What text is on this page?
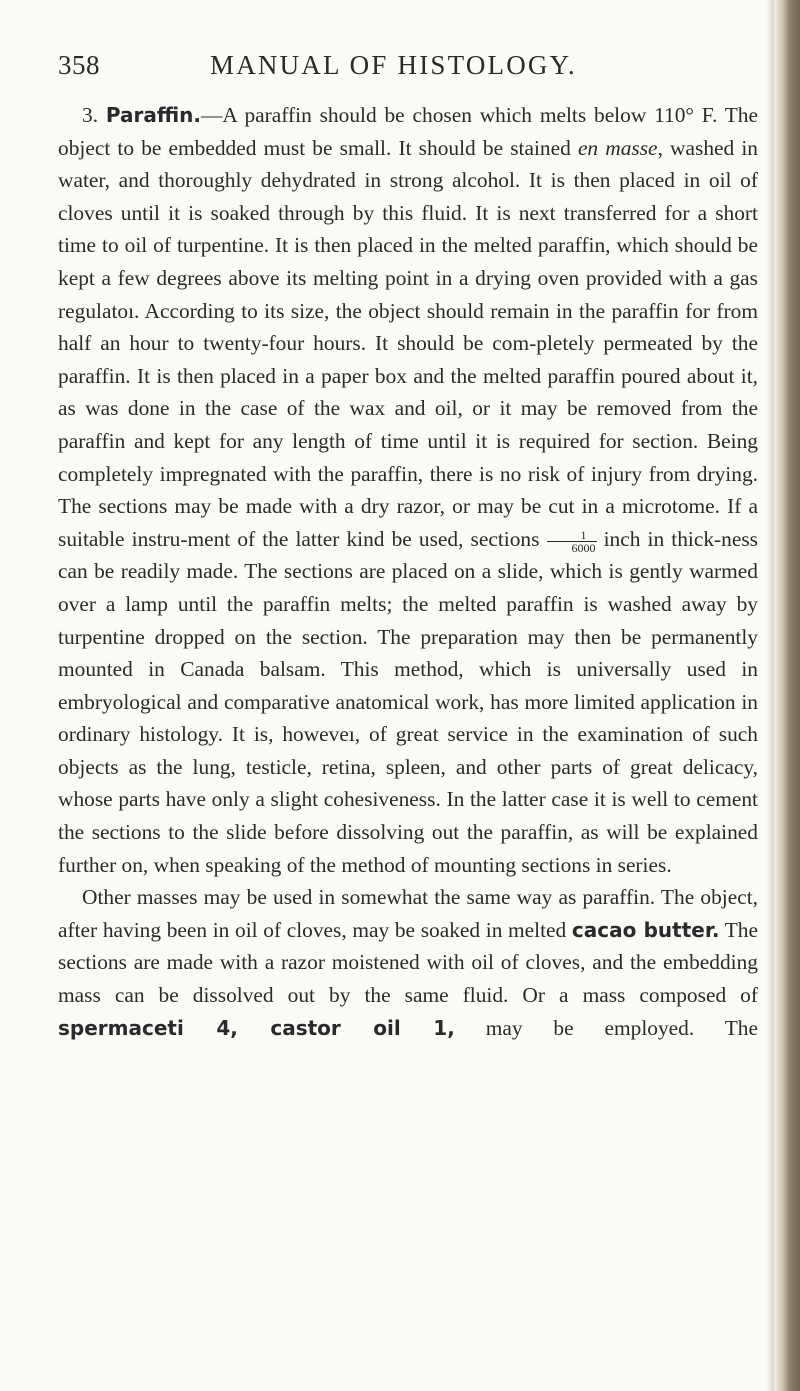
358	MANUAL OF HISTOLOGY.

3. Paraffin.—A paraffin should be chosen which melts below 110° F. The object to be embedded must be small. It should be stained en masse, washed in water, and thoroughly dehydrated in strong alcohol. It is then placed in oil of cloves until it is soaked through by this fluid. It is next transferred for a short time to oil of turpentine. It is then placed in the melted paraffin, which should be kept a few degrees above its melting point in a drying oven provided with a gas regulatoı. According to its size, the object should remain in the paraffin for from half an hour to twenty-four hours. It should be com-pletely permeated by the paraffin. It is then placed in a paper box and the melted paraffin poured about it, as was done in the case of the wax and oil, or it may be removed from the paraffin and kept for any length of time until it is required for section. Being completely impregnated with the paraffin, there is no risk of injury from drying. The sections may be made with a dry razor, or may be cut in a microtome. If a suitable instru-ment of the latter kind be used, sections $\frac{1}{6000}$ inch in thick-ness can be readily made. The sections are placed on a slide, which is gently warmed over a lamp until the paraffin melts; the melted paraffin is washed away by turpentine dropped on the section. The preparation may then be permanently mounted in Canada balsam. This method, which is universally used in embryological and comparative anatomical work, has more limited application in ordinary histology. It is, howeveı, of great service in the examination of such objects as the lung, testicle, retina, spleen, and other parts of great delicacy, whose parts have only a slight cohesiveness. In the latter case it is well to cement the sections to the slide before dissolving out the paraffin, as will be explained further on, when speaking of the method of mounting sections in series.

Other masses may be used in somewhat the same way as paraffin. The object, after having been in oil of cloves, may be soaked in melted cacao butter. The sections are made with a razor moistened with oil of cloves, and the embedding mass can be dissolved out by the same fluid. Or a mass composed of spermaceti 4, castor oil 1, may be employed. The
